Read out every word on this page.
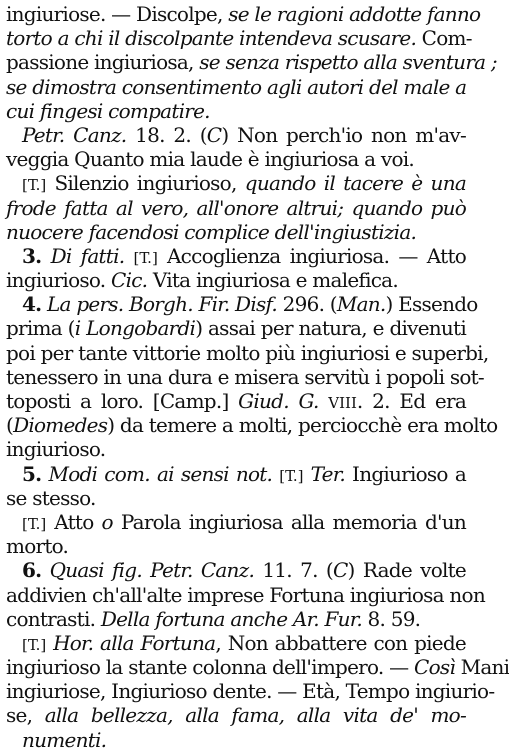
ingiuriose. — Discolpe, se le ragioni addotte fanno
torto a chi il discolpante intendeva scusare. Com-
passione ingiuriosa, se senza rispetto alla sventura ;
se dimostra consentimento agli autori del male a
cui fingesi compatire.
Petr. Canz. 18. 2. (C) Non perch'io non m'av-
veggia Quanto mia laude è ingiuriosa a voi.
[T.] Silenzio ingiurioso, quando il tacere è una
frode fatta al vero, all'onore altrui; quando può
nuocere facendosi complice dell'ingiustizia.
3. Di fatti. [T.] Accoglienza ingiuriosa. — Atto
ingiurioso. Cic. Vita ingiuriosa e malefica.
4. La pers. Borgh. Fir. Disf. 296. (Man.) Essendo
prima (i Longobardi) assai per natura, e divenuti
poi per tante vittorie molto più ingiuriosi e superbi,
tenessero in una dura e misera servitù i popoli sot-
toposti a loro. [Camp.] Giud. G. VIII. 2. Ed era
(Diomedes) da temere a molti, perciocchè era molto
ingiurioso.
5. Modi com. ai sensi not. [T.] Ter. Ingiurioso a
se stesso.
[T.] Atto o Parola ingiuriosa alla memoria d'un
morto.
6. Quasi fig. Petr. Canz. 11. 7. (C) Rade volte
addivien ch'all'alte imprese Fortuna ingiuriosa non
contrasti. Della fortuna anche Ar. Fur. 8. 59.
[T.] Hor. alla Fortuna, Non abbattere con piede
ingiurioso la stante colonna dell'impero. — Così Mani
ingiuriose, Ingiurioso dente. — Età, Tempo ingiurio-
se, alla bellezza, alla fama, alla vita de' mo-
numenti.
